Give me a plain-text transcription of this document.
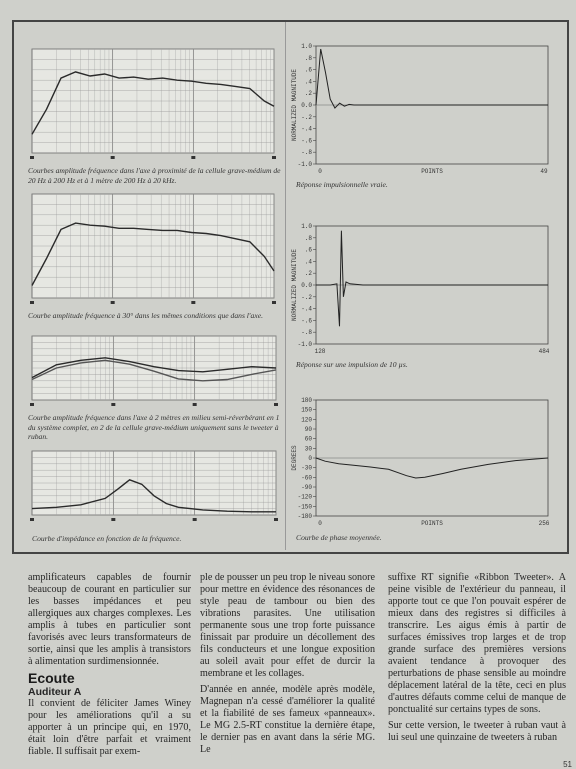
Courbes amplitude fréquence dans l'axe à proximité de la cellule grave-médium de 20 Hz à 200 Hz et à 1 mètre de 200 Hz à 20 kHz.
Courbe amplitude fréquence à 30° dans les mêmes conditions que dans l'axe.
Courbe amplitude fréquence dans l'axe à 2 mètres en milieu semi-réverbérant en 1 du système complet, en 2 de la cellule grave-médium uniquement sans le tweeter à ruban.
Courbe d'impédance en fonction de la fréquence.
1.0
.8
.6
.4
.2
0.0
-.2
-.4
-.6
-.8
-1.0
0	49
POINTS
NORMALIZED MAGNITUDE
Réponse impulsionnelle vraie.
1.0
.8
.6
.4
.2
0.0
-.2
-.4
-.6
-.8
-1.0
128	484
NORMALIZED MAGNITUDE
Réponse sur une impulsion de 10 µs.
180
150
120
90
60
30
0
-30
-60
-90
-120
-150
-180
0	256
POINTS
DEGREES
Courbe de phase moyennée.

amplificateurs capables de fournir beaucoup de courant en particulier sur les basses impédances et peu allergiques aux charges complexes. Les amplis à tubes en particulier sont favorisés avec leurs transformateurs de sortie, ainsi que les amplis à transistors à alimentation surdimensionnée.

Ecoute
Auditeur A

Il convient de féliciter James Winey pour les améliorations qu'il a su apporter à un principe qui, en 1970, était loin d'être parfait et vraiment fiable. Il suffisait par exem-

ple de pousser un peu trop le niveau sonore pour mettre en évidence des résonances de style peau de tambour ou bien des vibrations parasites. Une utilisation permanente sous une trop forte puissance finissait par produire un décollement des fils conducteurs et une longue exposition au soleil avait pour effet de durcir la membrane et les collages.

D'année en année, modèle après modèle, Magnepan n'a cessé d'améliorer la qualité et la fiabilité de ses fameux «panneaux». Le MG 2.5-RT constitue la dernière étape, le dernier pas en avant dans la série MG. Le

suffixe RT signifie «Ribbon Tweeter». A peine visible de l'extérieur du panneau, il apporte tout ce que l'on pouvait espérer de mieux dans des registres si difficiles à transcrire. Les aigus émis à partir de surfaces émissives trop larges et de trop grande surface des premières versions avaient tendance à provoquer des perturbations de phase sensible au moindre déplacement latéral de la tête, ceci en plus d'autres défauts comme celui de manque de ponctualité sur certains types de sons.

Sur cette version, le tweeter à ruban vaut à lui seul une quinzaine de tweeters à ruban

51
